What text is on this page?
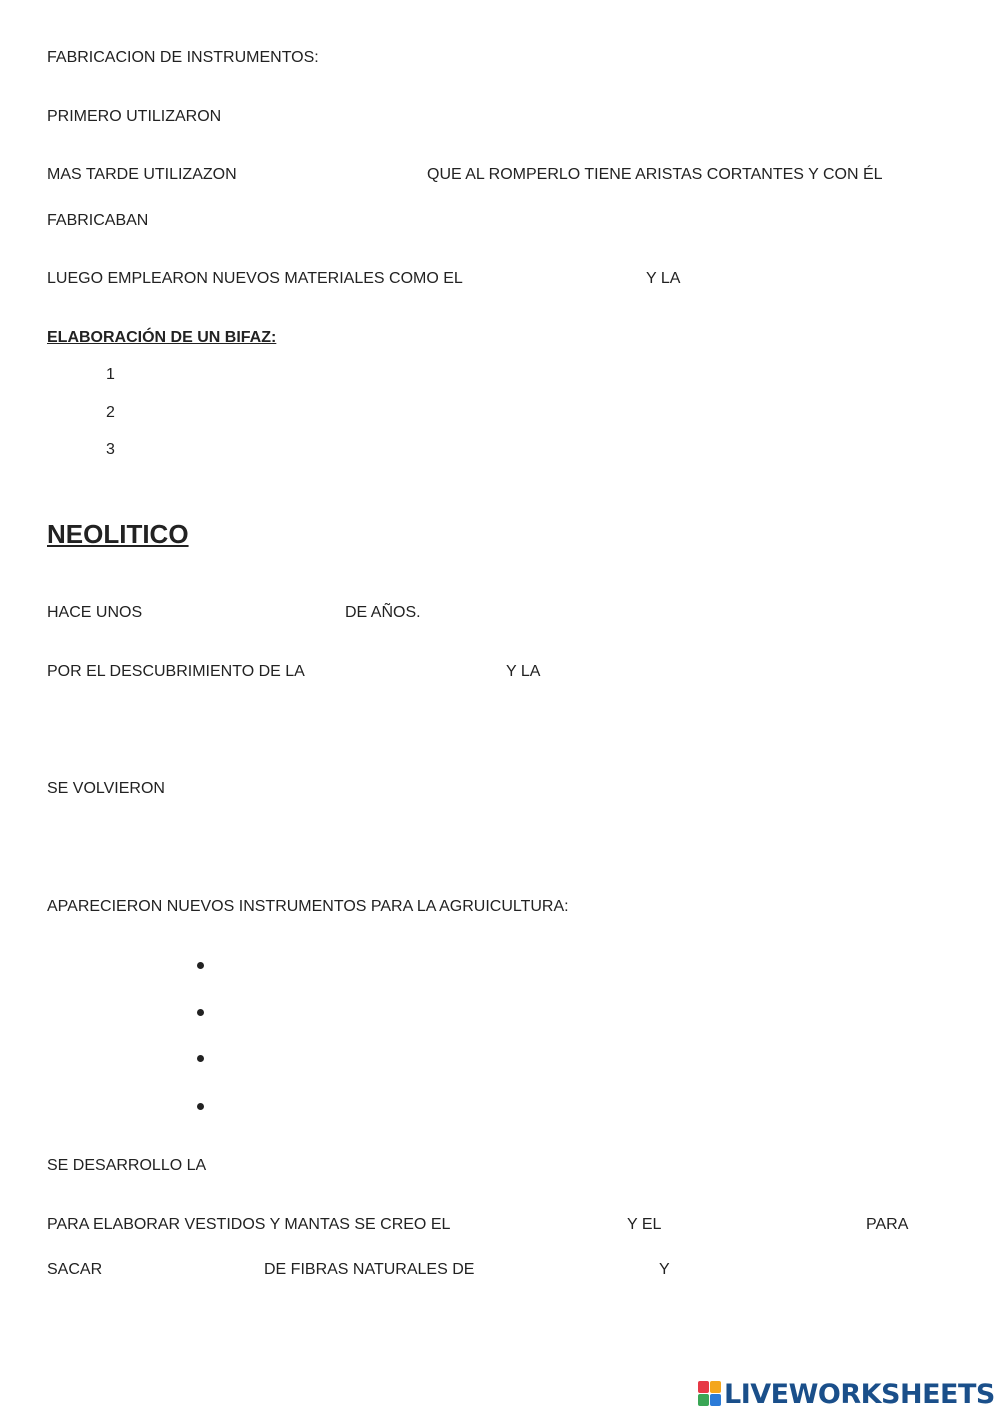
FABRICACION DE INSTRUMENTOS:
PRIMERO UTILIZARON
MAS TARDE UTILIZAZON	QUE AL ROMPERLO TIENE ARISTAS CORTANTES Y CON ÉL
FABRICABAN
LUEGO EMPLEARON NUEVOS MATERIALES COMO EL	Y LA
ELABORACIÓN DE UN BIFAZ:
1
2
3
NEOLITICO
HACE UNOS	DE AÑOS.
POR EL DESCUBRIMIENTO DE LA	Y LA
SE VOLVIERON
APARECIERON NUEVOS INSTRUMENTOS PARA LA AGRUICULTURA:
SE DESARROLLO LA
PARA ELABORAR VESTIDOS Y MANTAS SE CREO EL	Y EL	PARA
SACAR	DE FIBRAS NATURALES DE	Y
LIVEWORKSHEETS
